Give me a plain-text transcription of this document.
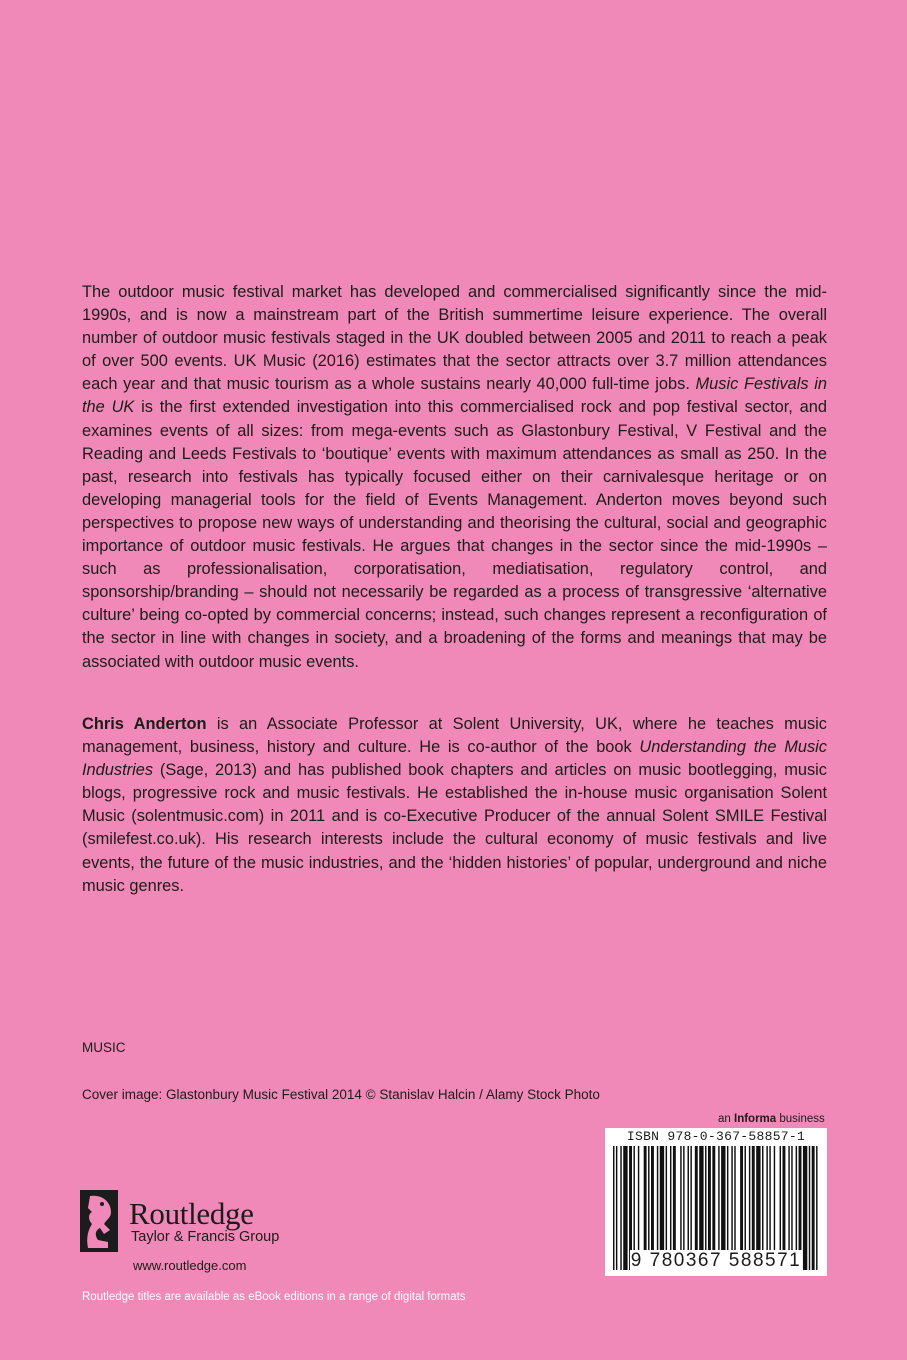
The outdoor music festival market has developed and commercialised significantly since the mid-1990s, and is now a mainstream part of the British summertime leisure experience. The overall number of outdoor music festivals staged in the UK doubled between 2005 and 2011 to reach a peak of over 500 events. UK Music (2016) estimates that the sector attracts over 3.7 million attendances each year and that music tourism as a whole sustains nearly 40,000 full-time jobs. Music Festivals in the UK is the first extended investigation into this commercialised rock and pop festival sector, and examines events of all sizes: from mega-events such as Glastonbury Festival, V Festival and the Reading and Leeds Festivals to ‘boutique’ events with maximum attendances as small as 250. In the past, research into festivals has typically focused either on their carnivalesque heritage or on developing managerial tools for the field of Events Management. Anderton moves beyond such perspectives to propose new ways of understanding and theorising the cultural, social and geographic importance of outdoor music festivals. He argues that changes in the sector since the mid-1990s – such as professionalisation, corporatisation, mediatisation, regulatory control, and sponsorship/branding – should not necessarily be regarded as a process of transgressive ‘alternative culture’ being co-opted by commercial concerns; instead, such changes represent a reconfiguration of the sector in line with changes in society, and a broadening of the forms and meanings that may be associated with outdoor music events.

Chris Anderton is an Associate Professor at Solent University, UK, where he teaches music management, business, history and culture. He is co-author of the book Understanding the Music Industries (Sage, 2013) and has published book chapters and articles on music bootlegging, music blogs, progressive rock and music festivals. He established the in-house music organisation Solent Music (solentmusic.com) in 2011 and is co-Executive Producer of the annual Solent SMILE Festival (smilefest.co.uk). His research interests include the cultural economy of music festivals and live events, the future of the music industries, and the ‘hidden histories’ of popular, underground and niche music genres.

MUSIC

Cover image: Glastonbury Music Festival 2014 © Stanislav Halcin / Alamy Stock Photo

an Informa business

ISBN 978-0-367-58857-1

9 780367 588571

Routledge

Taylor & Francis Group

www.routledge.com

Routledge titles are available as eBook editions in a range of digital formats
